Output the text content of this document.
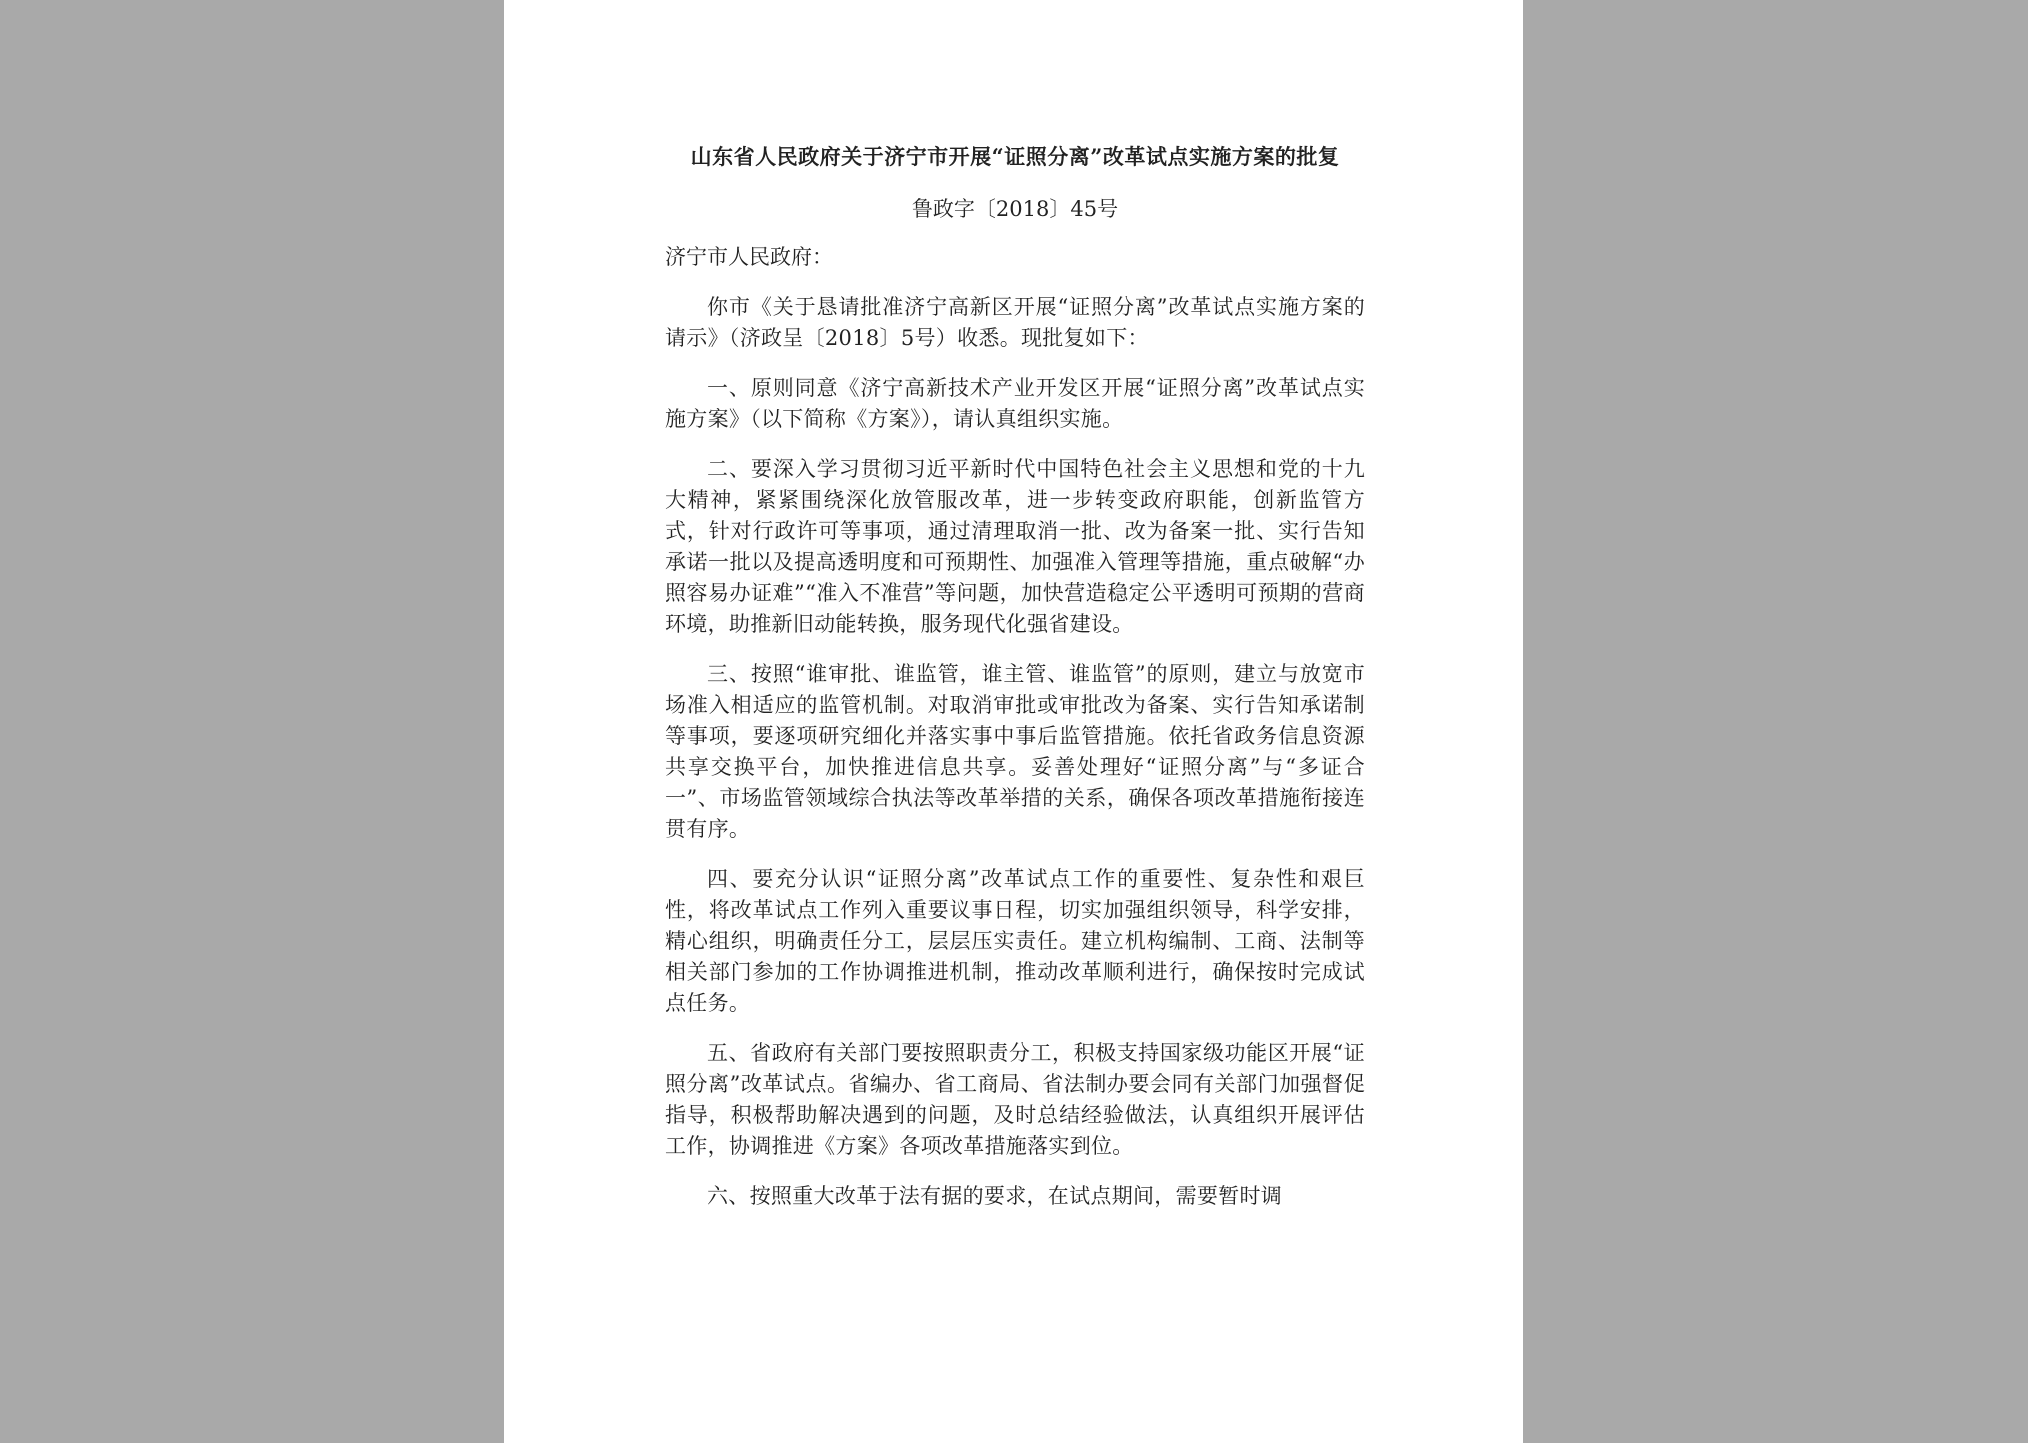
山东省人民政府关于济宁市开展“证照分离”改革试点实施方案的批复

鲁政字〔2018〕45号

济宁市人民政府：

你市《关于恳请批准济宁高新区开展“证照分离”改革试点实施方案的请示》（济政呈〔2018〕5号）收悉。现批复如下：

一、原则同意《济宁高新技术产业开发区开展“证照分离”改革试点实施方案》（以下简称《方案》），请认真组织实施。

二、要深入学习贯彻习近平新时代中国特色社会主义思想和党的十九大精神，紧紧围绕深化放管服改革，进一步转变政府职能，创新监管方式，针对行政许可等事项，通过清理取消一批、改为备案一批、实行告知承诺一批以及提高透明度和可预期性、加强准入管理等措施，重点破解“办照容易办证难”“准入不准营”等问题，加快营造稳定公平透明可预期的营商环境，助推新旧动能转换，服务现代化强省建设。

三、按照“谁审批、谁监管，谁主管、谁监管”的原则，建立与放宽市场准入相适应的监管机制。对取消审批或审批改为备案、实行告知承诺制等事项，要逐项研究细化并落实事中事后监管措施。依托省政务信息资源共享交换平台，加快推进信息共享。妥善处理好“证照分离”与“多证合一”、市场监管领域综合执法等改革举措的关系，确保各项改革措施衔接连贯有序。

四、要充分认识“证照分离”改革试点工作的重要性、复杂性和艰巨性，将改革试点工作列入重要议事日程，切实加强组织领导，科学安排，精心组织，明确责任分工，层层压实责任。建立机构编制、工商、法制等相关部门参加的工作协调推进机制，推动改革顺利进行，确保按时完成试点任务。

五、省政府有关部门要按照职责分工，积极支持国家级功能区开展“证照分离”改革试点。省编办、省工商局、省法制办要会同有关部门加强督促指导，积极帮助解决遇到的问题，及时总结经验做法，认真组织开展评估工作，协调推进《方案》各项改革措施落实到位。

六、按照重大改革于法有据的要求，在试点期间，需要暂时调
